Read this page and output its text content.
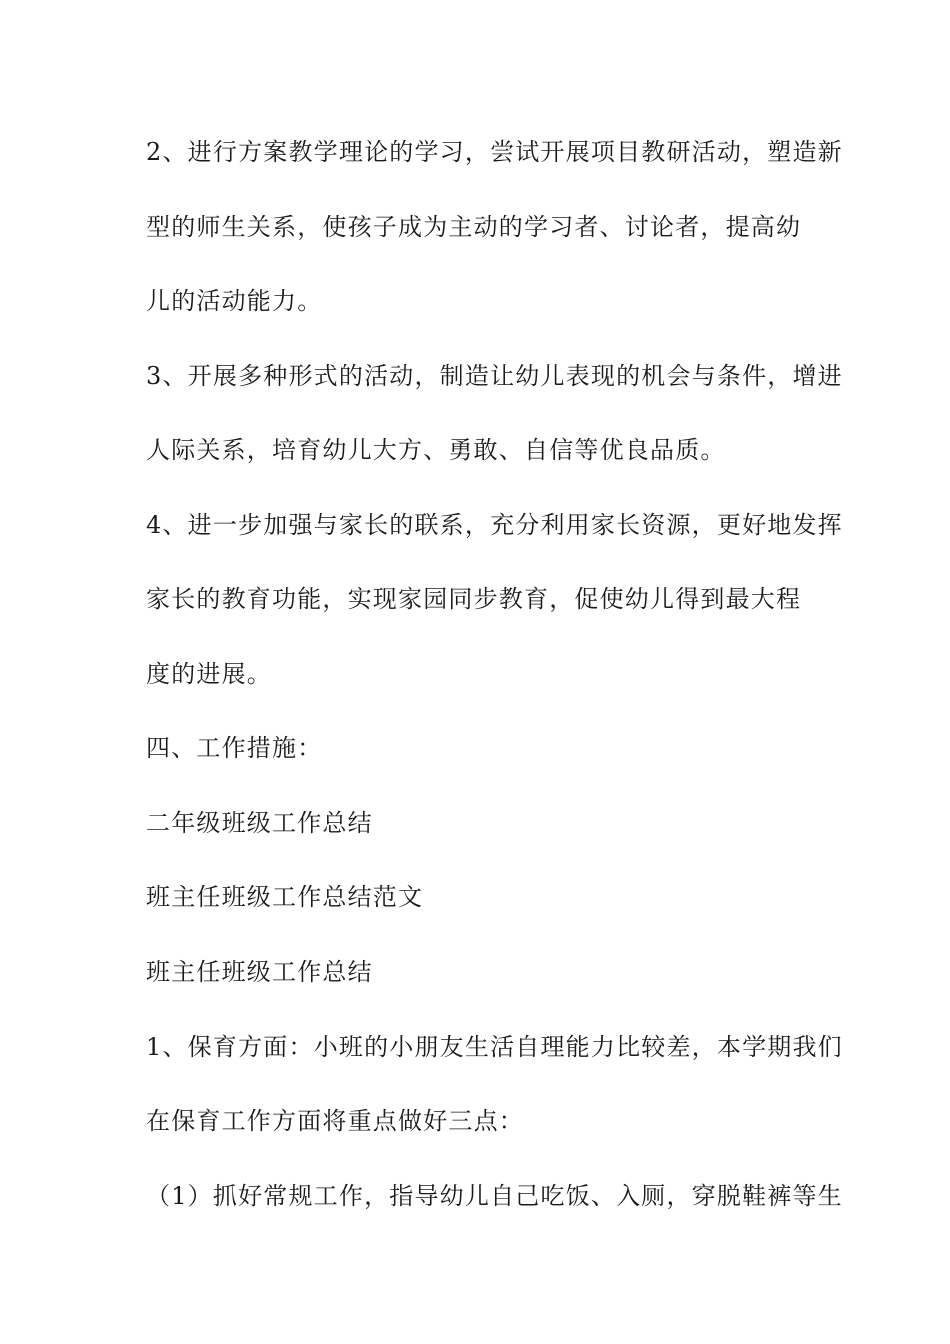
2、进行方案教学理论的学习，尝试开展项目教研活动，塑造新
型的师生关系，使孩子成为主动的学习者、讨论者，提高幼
儿的活动能力。
3、开展多种形式的活动，制造让幼儿表现的机会与条件，增进
人际关系，培育幼儿大方、勇敢、自信等优良品质。
4、进一步加强与家长的联系，充分利用家长资源，更好地发挥
家长的教育功能，实现家园同步教育，促使幼儿得到最大程
度的进展。
四、工作措施：
二年级班级工作总结
班主任班级工作总结范文
班主任班级工作总结
1、保育方面：小班的小朋友生活自理能力比较差，本学期我们
在保育工作方面将重点做好三点：
（1）抓好常规工作，指导幼儿自己吃饭、入厕，穿脱鞋裤等生
